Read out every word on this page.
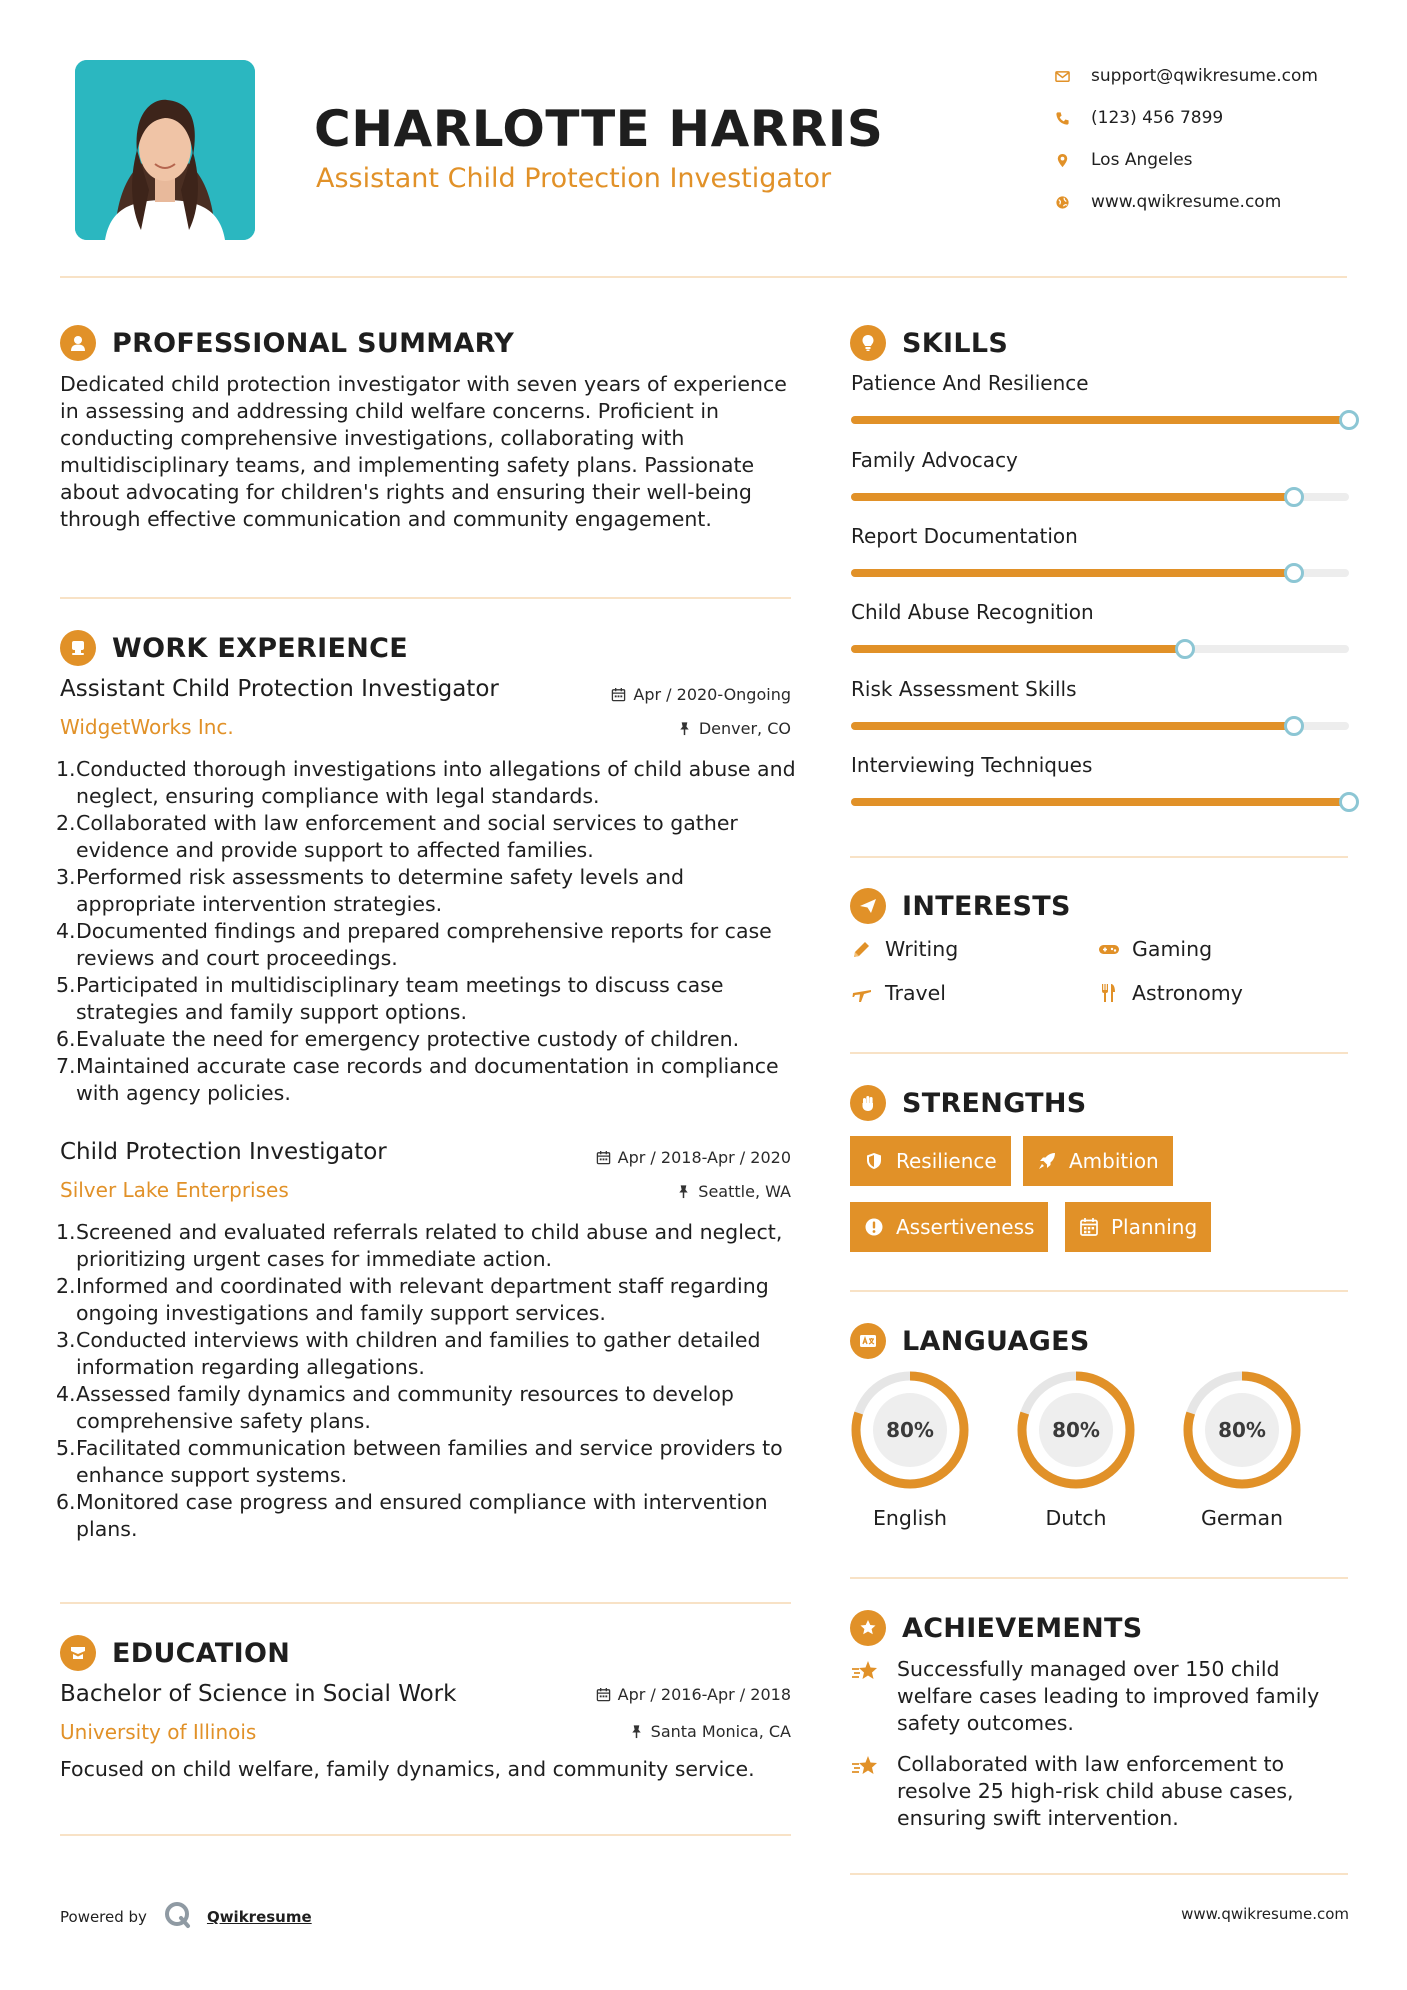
CHARLOTTE HARRIS
Assistant Child Protection Investigator
support@qwikresume.com
(123) 456 7899
Los Angeles
www.qwikresume.com
PROFESSIONAL SUMMARY
Dedicated child protection investigator with seven years of experience in assessing and addressing child welfare concerns. Proficient in conducting comprehensive investigations, collaborating with multidisciplinary teams, and implementing safety plans. Passionate about advocating for children's rights and ensuring their well-being through effective communication and community engagement.
WORK EXPERIENCE
Assistant Child Protection Investigator	Apr / 2020-Ongoing
WidgetWorks Inc.	Denver, CO
1. Conducted thorough investigations into allegations of child abuse and neglect, ensuring compliance with legal standards.
2. Collaborated with law enforcement and social services to gather evidence and provide support to affected families.
3. Performed risk assessments to determine safety levels and appropriate intervention strategies.
4. Documented findings and prepared comprehensive reports for case reviews and court proceedings.
5. Participated in multidisciplinary team meetings to discuss case strategies and family support options.
6. Evaluate the need for emergency protective custody of children.
7. Maintained accurate case records and documentation in compliance with agency policies.
Child Protection Investigator	Apr / 2018-Apr / 2020
Silver Lake Enterprises	Seattle, WA
1. Screened and evaluated referrals related to child abuse and neglect, prioritizing urgent cases for immediate action.
2. Informed and coordinated with relevant department staff regarding ongoing investigations and family support services.
3. Conducted interviews with children and families to gather detailed information regarding allegations.
4. Assessed family dynamics and community resources to develop comprehensive safety plans.
5. Facilitated communication between families and service providers to enhance support systems.
6. Monitored case progress and ensured compliance with intervention plans.
EDUCATION
Bachelor of Science in Social Work	Apr / 2016-Apr / 2018
University of Illinois	Santa Monica, CA
Focused on child welfare, family dynamics, and community service.
SKILLS
Patience And Resilience
Family Advocacy
Report Documentation
Child Abuse Recognition
Risk Assessment Skills
Interviewing Techniques
INTERESTS
Writing	Gaming
Travel	Astronomy
STRENGTHS
Resilience	Ambition
Assertiveness	Planning
LANGUAGES
80%
English
80%
Dutch
80%
German
ACHIEVEMENTS
Successfully managed over 150 child welfare cases leading to improved family safety outcomes.
Collaborated with law enforcement to resolve 25 high-risk child abuse cases, ensuring swift intervention.
Powered by	Qwikresume	www.qwikresume.com
